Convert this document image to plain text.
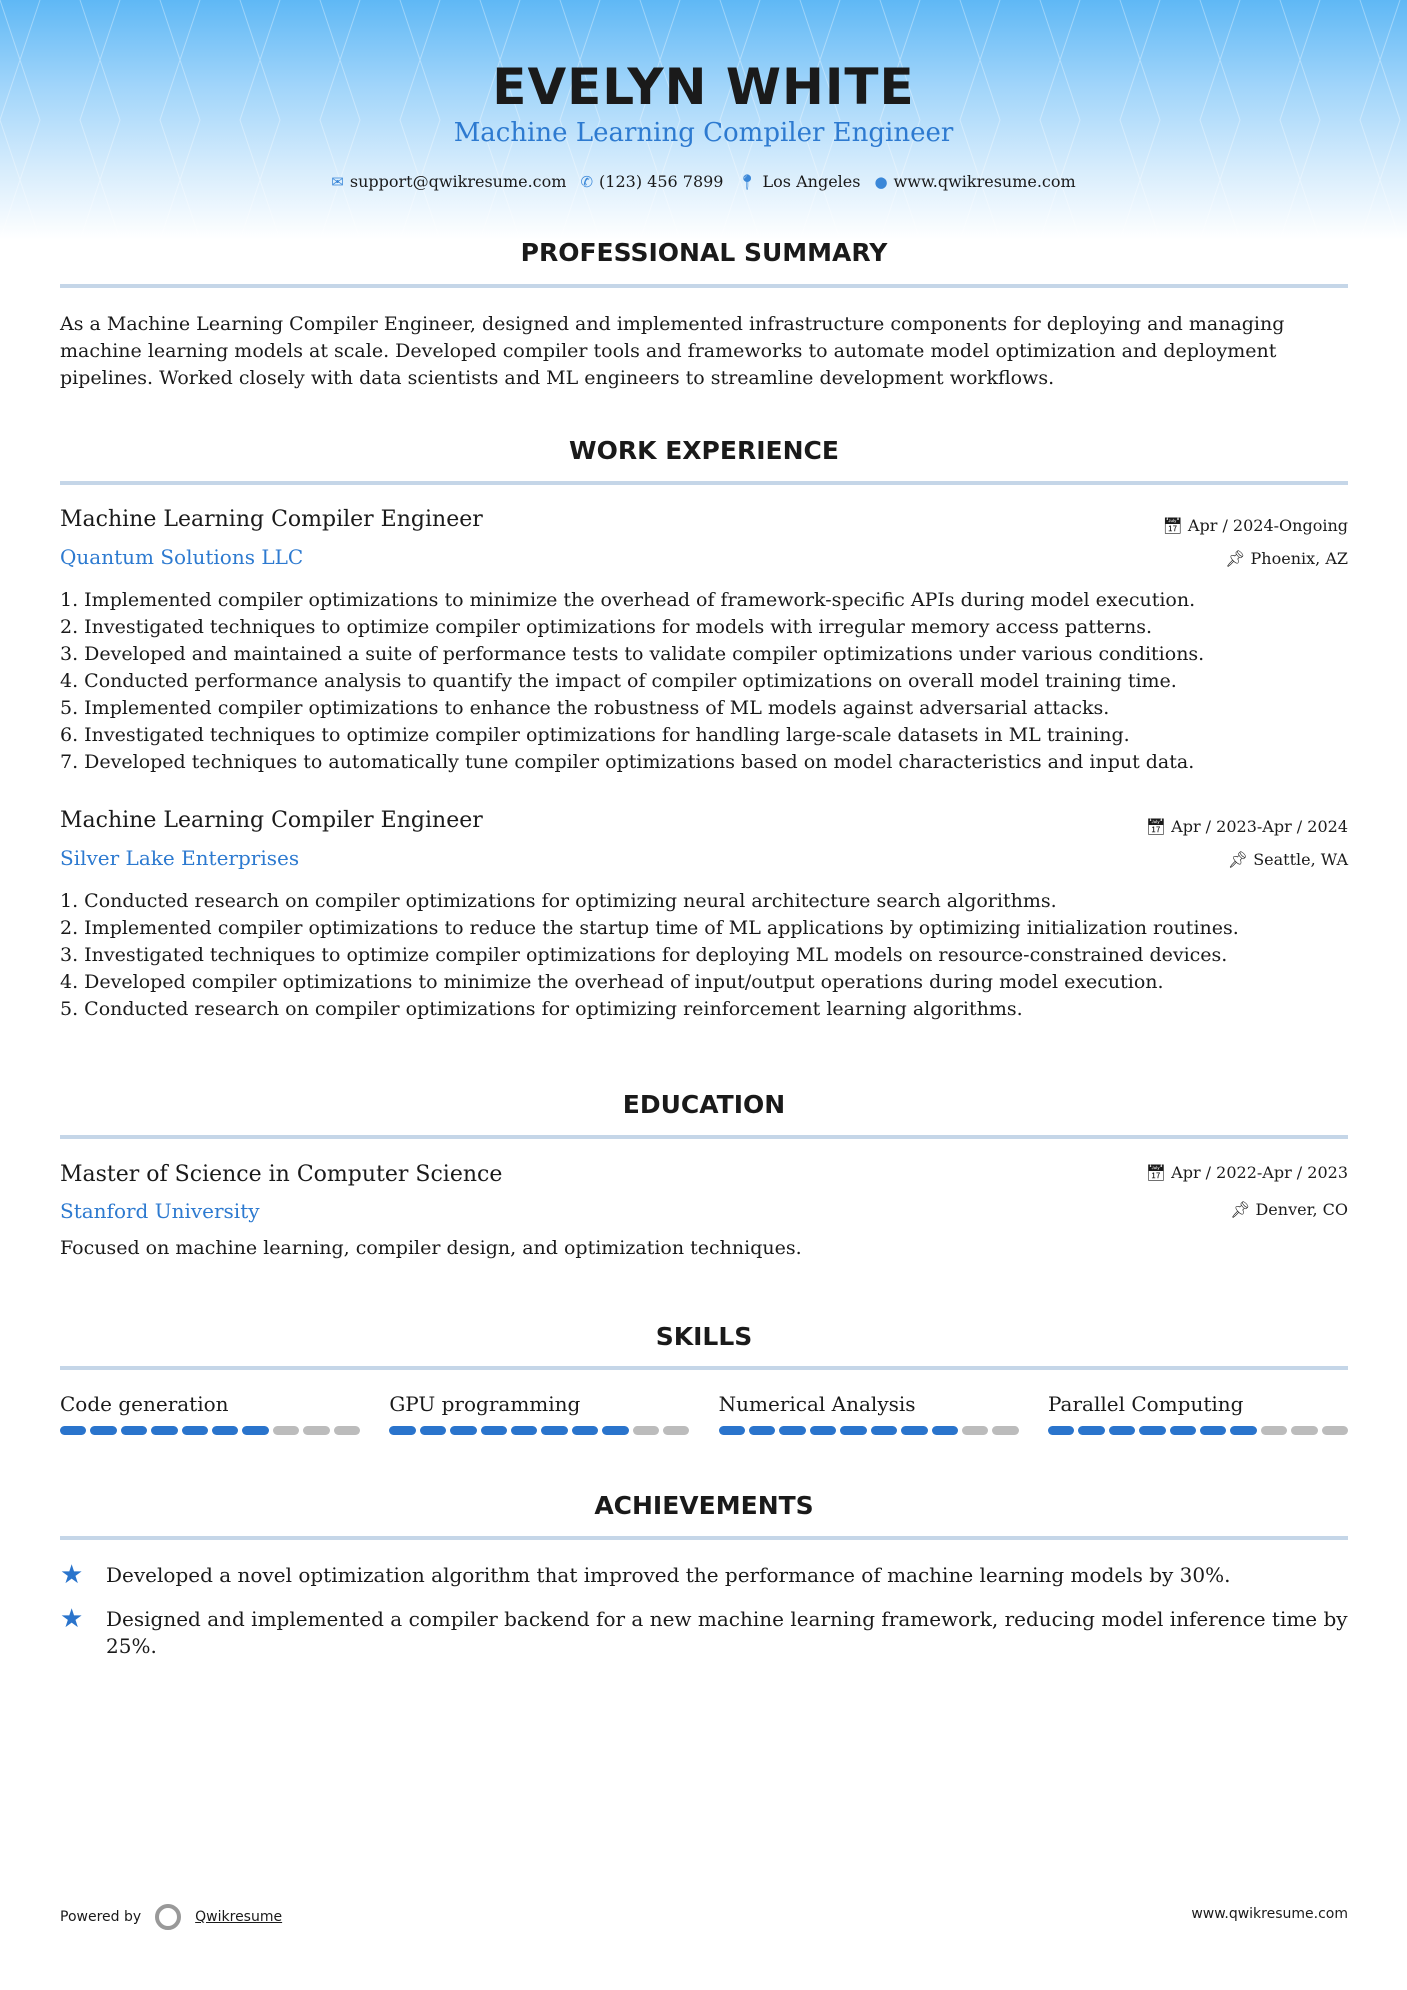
EVELYN WHITE
Machine Learning Compiler Engineer
✉ support@qwikresume.com ✆ (123) 456 7899 📍︎ Los Angeles ● www.qwikresume.com
PROFESSIONAL SUMMARY
As a Machine Learning Compiler Engineer, designed and implemented infrastructure components for deploying and managing machine learning models at scale. Developed compiler tools and frameworks to automate model optimization and deployment pipelines. Worked closely with data scientists and ML engineers to streamline development workflows.
WORK EXPERIENCE
Machine Learning Compiler Engineer	📅︎ Apr / 2024-Ongoing
Quantum Solutions LLC	📌︎ Phoenix, AZ
1. Implemented compiler optimizations to minimize the overhead of framework-specific APIs during model execution.
2. Investigated techniques to optimize compiler optimizations for models with irregular memory access patterns.
3. Developed and maintained a suite of performance tests to validate compiler optimizations under various conditions.
4. Conducted performance analysis to quantify the impact of compiler optimizations on overall model training time.
5. Implemented compiler optimizations to enhance the robustness of ML models against adversarial attacks.
6. Investigated techniques to optimize compiler optimizations for handling large-scale datasets in ML training.
7. Developed techniques to automatically tune compiler optimizations based on model characteristics and input data.
Machine Learning Compiler Engineer	📅︎ Apr / 2023-Apr / 2024
Silver Lake Enterprises	📌︎ Seattle, WA
1. Conducted research on compiler optimizations for optimizing neural architecture search algorithms.
2. Implemented compiler optimizations to reduce the startup time of ML applications by optimizing initialization routines.
3. Investigated techniques to optimize compiler optimizations for deploying ML models on resource-constrained devices.
4. Developed compiler optimizations to minimize the overhead of input/output operations during model execution.
5. Conducted research on compiler optimizations for optimizing reinforcement learning algorithms.
EDUCATION
Master of Science in Computer Science	📅︎ Apr / 2022-Apr / 2023
Stanford University	📌︎ Denver, CO
Focused on machine learning, compiler design, and optimization techniques.
SKILLS
Code generation	GPU programming	Numerical Analysis	Parallel Computing
ACHIEVEMENTS
★	Developed a novel optimization algorithm that improved the performance of machine learning models by 30%.
★	Designed and implemented a compiler backend for a new machine learning framework, reducing model inference time by 25%.
Powered by	Qwikresume	www.qwikresume.com
